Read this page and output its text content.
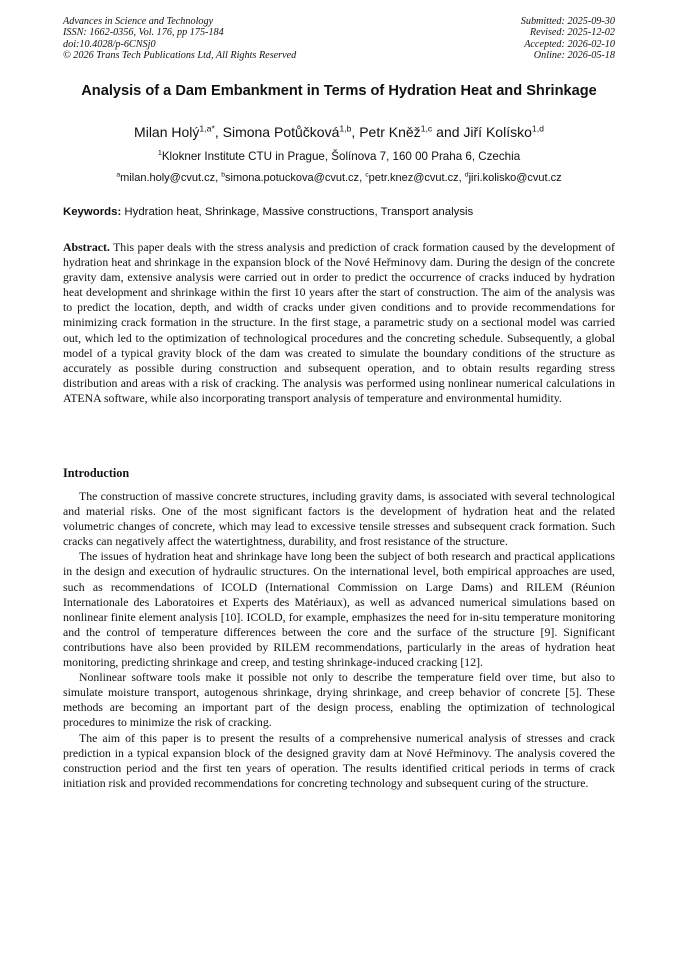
Advances in Science and Technology
ISSN: 1662-0356, Vol. 176, pp 175-184
doi:10.4028/p-6CNSj0
© 2026 Trans Tech Publications Ltd, All Rights Reserved
Submitted: 2025-09-30
Revised: 2025-12-02
Accepted: 2026-02-10
Online: 2026-05-18
Analysis of a Dam Embankment in Terms of Hydration Heat and Shrinkage
Milan Holý$^{1,a*}$, Simona Potůčková$^{1,b}$, Petr Kněž$^{1,c}$ and Jiří Kolísko$^{1,d}$
$^1$Klokner Institute CTU in Prague, Šolínova 7, 160 00 Praha 6, Czechia
$^a$milan.holy@cvut.cz, $^b$simona.potuckova@cvut.cz, $^c$petr.knez@cvut.cz, $^d$jiri.kolisko@cvut.cz
Keywords: Hydration heat, Shrinkage, Massive constructions, Transport analysis
Abstract. This paper deals with the stress analysis and prediction of crack formation caused by the development of hydration heat and shrinkage in the expansion block of the Nové Heřminovy dam. During the design of the concrete gravity dam, extensive analysis were carried out in order to predict the occurrence of cracks induced by hydration heat development and shrinkage within the first 10 years after the start of construction. The aim of the analysis was to predict the location, depth, and width of cracks under given conditions and to provide recommendations for minimizing crack formation in the structure. In the first stage, a parametric study on a sectional model was carried out, which led to the optimization of technological procedures and the concreting schedule. Subsequently, a global model of a typical gravity block of the dam was created to simulate the boundary conditions of the structure as accurately as possible during construction and subsequent operation, and to obtain results regarding stress distribution and areas with a risk of cracking. The analysis was performed using nonlinear numerical calculations in ATENA software, while also incorporating transport analysis of temperature and environmental humidity.
Introduction

The construction of massive concrete structures, including gravity dams, is associated with several technological and material risks. One of the most significant factors is the development of hydration heat and the related volumetric changes of concrete, which may lead to excessive tensile stresses and subsequent crack formation. Such cracks can negatively affect the watertightness, durability, and frost resistance of the structure.

The issues of hydration heat and shrinkage have long been the subject of both research and practical applications in the design and execution of hydraulic structures. On the international level, both empirical approaches are used, such as recommendations of ICOLD (International Commission on Large Dams) and RILEM (Réunion Internationale des Laboratoires et Experts des Matériaux), as well as advanced numerical simulations based on nonlinear finite element analysis [10]. ICOLD, for example, emphasizes the need for in-situ temperature monitoring and the control of temperature differences between the core and the surface of the structure [9]. Significant contributions have also been provided by RILEM recommendations, particularly in the areas of hydration heat monitoring, predicting shrinkage and creep, and testing shrinkage-induced cracking [12].

Nonlinear software tools make it possible not only to describe the temperature field over time, but also to simulate moisture transport, autogenous shrinkage, drying shrinkage, and creep behavior of concrete [5]. These methods are becoming an important part of the design process, enabling the optimization of technological procedures to minimize the risk of cracking.

The aim of this paper is to present the results of a comprehensive numerical analysis of stresses and crack prediction in a typical expansion block of the designed gravity dam at Nové Heřminovy. The analysis covered the construction period and the first ten years of operation. The results identified critical periods in terms of crack initiation risk and provided recommendations for concreting technology and subsequent curing of the structure.
